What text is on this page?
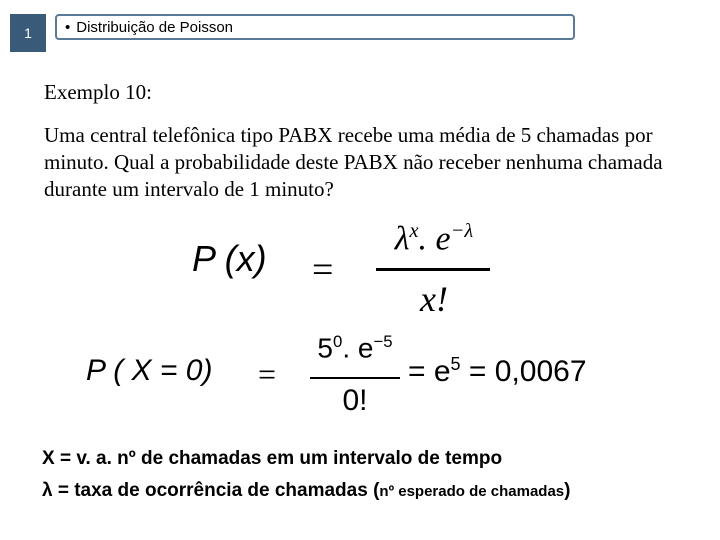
1 • Distribuição de Poisson
Exemplo 10:
Uma central telefônica tipo PABX recebe uma média de 5 chamadas por minuto. Qual a probabilidade deste PABX não receber nenhuma chamada durante um intervalo de 1 minuto?
P (x) =
$\lambda^x$. $e^{-\lambda}$
x!
P ( X = 0) =
$5^0$. $e^{-5}$
0!
= $e^5 = 0,0067$
X = v. a. nº de chamadas em um intervalo de tempo
λ = taxa de ocorrência de chamadas (nº esperado de chamadas)
